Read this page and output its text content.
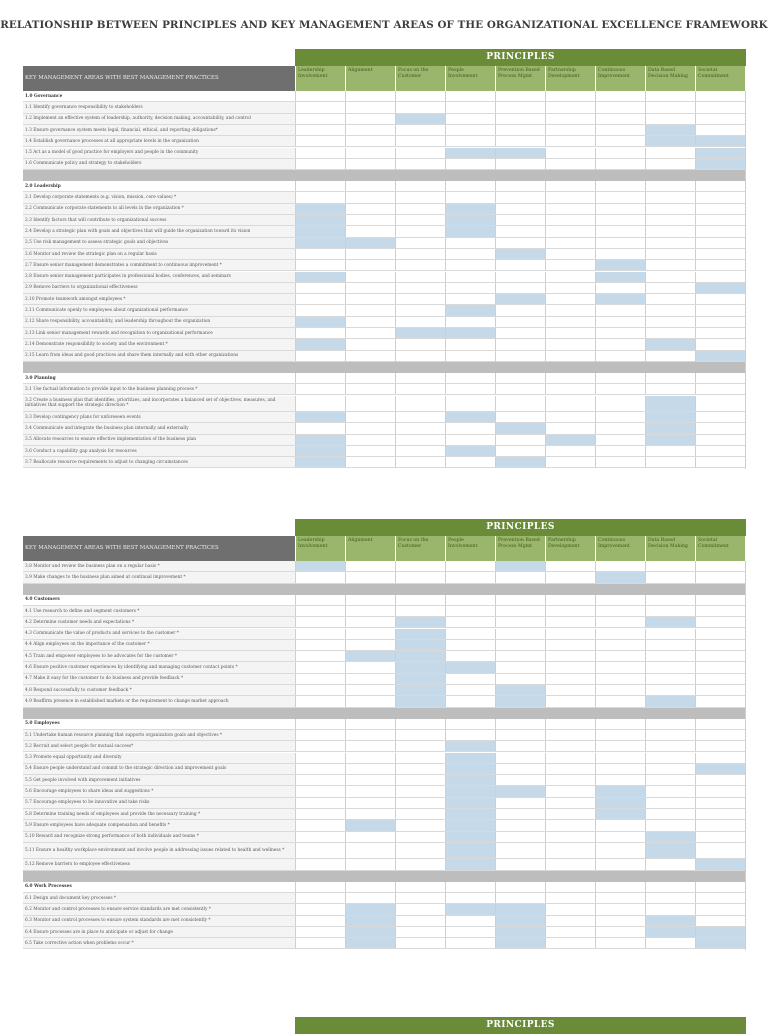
RELATIONSHIP BETWEEN PRINCIPLES AND KEY MANAGEMENT AREAS OF THE ORGANIZATIONAL EXCELLENCE FRAMEWORK
PRINCIPLES
KEY MANAGEMENT AREAS WITH BEST MANAGEMENT PRACTICES
Leadership Involvement
Alignment	Focus on the Customer
People Involvement
Prevention Based Process Mgmt
Partnership Development
Continuous Improvement
Data Based Decision Making
Societal Commitment
1.0 Governance
1.1 Identify governance responsibility to stakeholders
1.2 Implement an effective system of leadership, authority, decision making, accountability, and control
1.3 Ensure governance system meets legal, financial, ethical, and reporting obligations*
1.4 Establish governance processes at all appropriate levels in the organization
1.5 Act as a model of good practice for employers and people in the community
1.6 Communicate policy and strategy to stakeholders
2.0 Leadership
2.1 Develop corporate statements (e.g. vision, mission, core values) *
2.2 Communicate corporate statements to all levels in the organization *
2.3 Identify factors that will contribute to organizational success
2.4 Develop a strategic plan with goals and objectives that will guide the organization toward its vision
2.5 Use risk management to assess strategic goals and objectives
2.6 Monitor and review the strategic plan on a regular basis
2.7 Ensure senior management demonstrates a commitment to continuous improvement *
2.8 Ensure senior management participates in professional bodies, conferences, and seminars
2.9 Remove barriers to organizational effectiveness
2.10 Promote teamwork amongst employees *
2.11 Communicate openly to employees about organizational performance
2.12 Share responsibility, accountability, and leadership throughout the organization
2.13 Link senior management rewards and recognition to organizational performance
2.14 Demonstrate responsibility to society and the environment *
2.15 Learn from ideas and good practices and share them internally and with other organizations
3.0 Planning
3.1 Use factual information to provide input to the business planning process *
3.2 Create a business plan that identifies, prioritizes, and incorporates a balanced set of objectives, measures, and initiatives that support the strategic direction *
3.3 Develop contingency plans for unforeseen events
3.4 Communicate and integrate the business plan internally and externally
3.5 Allocate resources to ensure effective implementation of the business plan
3.6 Conduct a capability gap analysis for resources
3.7 Reallocate resource requirements to adjust to changing circumstances
PRINCIPLES
KEY MANAGEMENT AREAS WITH BEST MANAGEMENT PRACTICES
Leadership Involvement
Alignment	Focus on the Customer
People Involvement
Prevention Based Process Mgmt
Partnership Development
Continuous Improvement
Data Based Decision Making
Societal Commitment
3.8 Monitor and review the business plan on a regular basis *
3.9 Make changes to the business plan aimed at continual improvement *
4.0 Customers
4.1 Use research to define and segment customers *
4.2 Determine customer needs and expectations *
4.3 Communicate the value of products and services to the customer *
4.4 Align employees on the importance of the customer *
4.5 Train and empower employees to be advocates for the customer *
4.6 Ensure positive customer experiences by identifying and managing customer contact points *
4.7 Make it easy for the customer to do business and provide feedback *
4.8 Respond successfully to customer feedback *
4.9 Reaffirm presence in established markets or the requirement to change market approach
5.0 Employees
5.1 Undertake human resource planning that supports organization goals and objectives *
5.2 Recruit and select people for mutual success*
5.3 Promote equal opportunity and diversity
5.4 Ensure people understand and commit to the strategic direction and improvement goals
5.5 Get people involved with improvement initiatives
5.6 Encourage employees to share ideas and suggestions *
5.7 Encourage employees to be innovative and take risks
5.8 Determine training needs of employees and provide the necessary training *
5.9 Ensure employees have adequate compensation and benefits *
5.10 Reward and recognize strong performance of both individuals and teams *
5.11 Ensure a healthy workplace environment and involve people in addressing issues related to health and wellness *
5.12 Remove barriers to employee effectiveness
6.0 Work Processes
6.1 Design and document key processes *
6.2 Monitor and control processes to ensure service standards are met consistently *
6.3 Monitor and control processes to ensure system standards are met consistently *
6.4 Ensure processes are in place to anticipate or adjust for change
6.5 Take corrective action when problems occur *
PRINCIPLES
